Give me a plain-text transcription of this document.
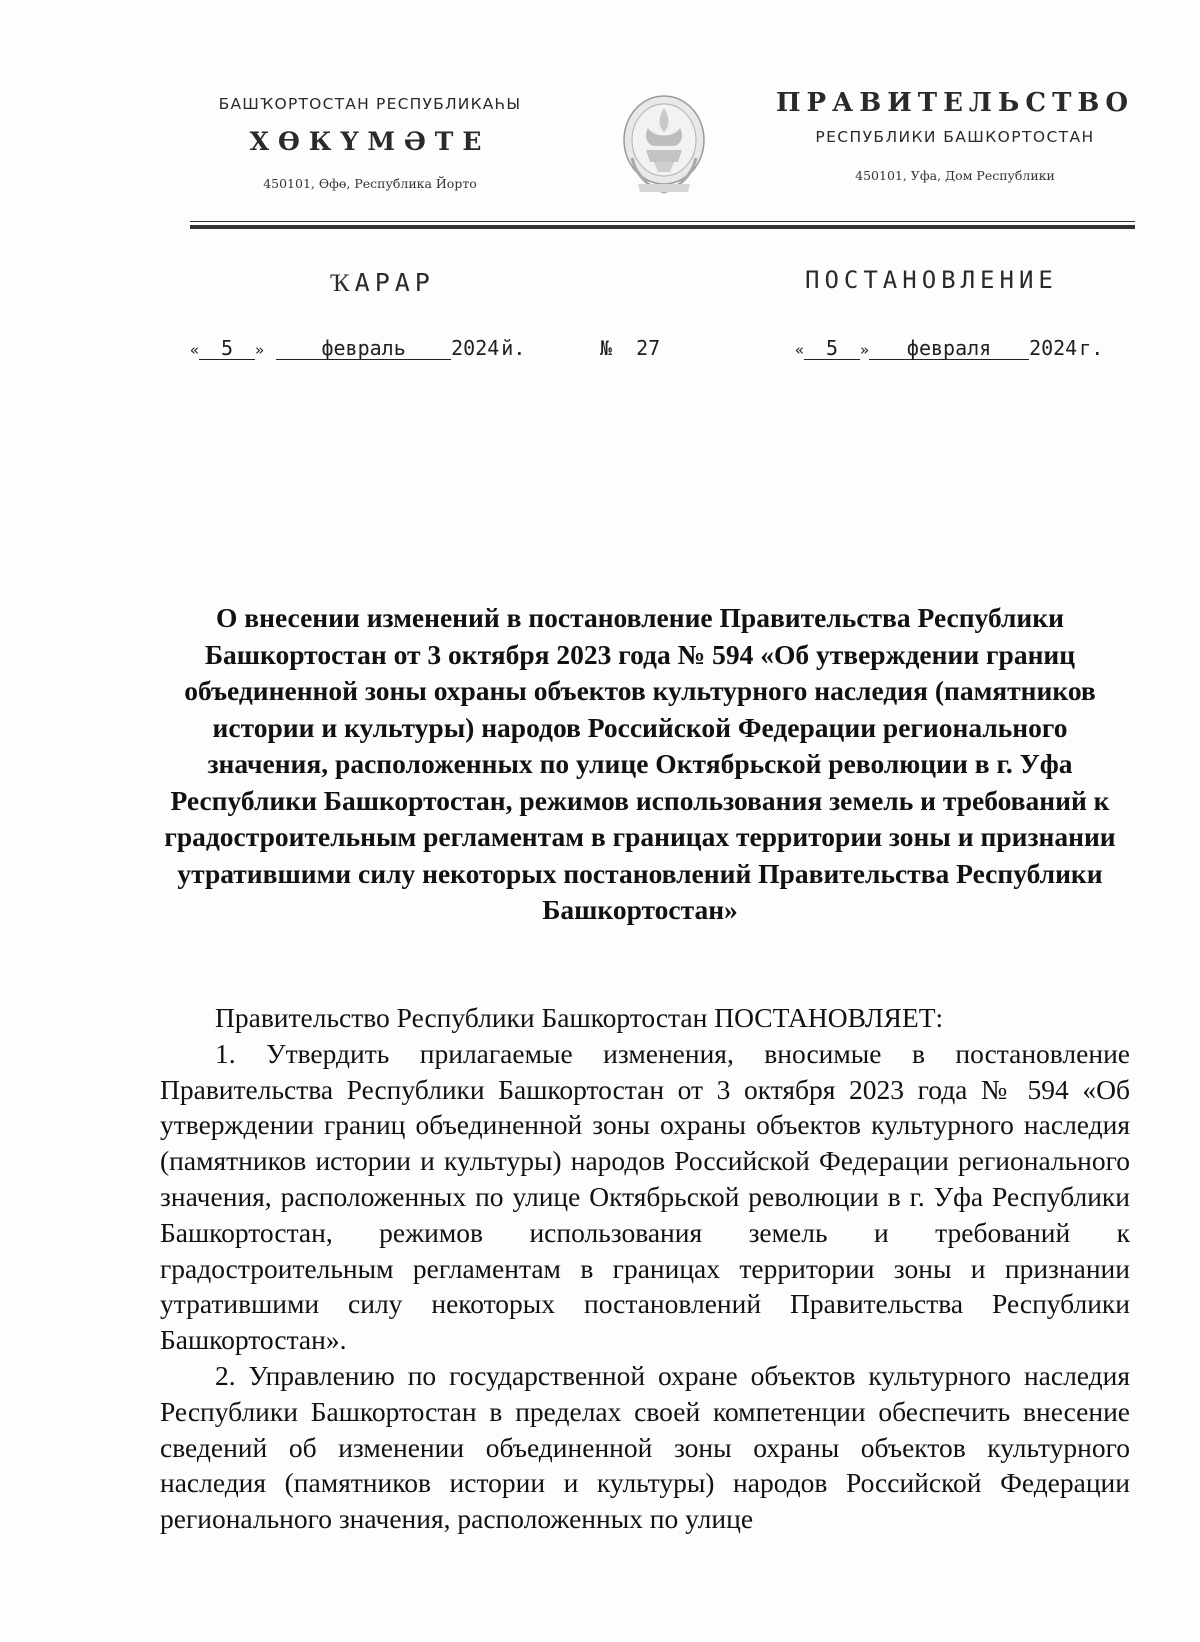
БАШҠОРТОСТАН РЕСПУБЛИКАҺЫ
ХӨКҮМӘТЕ
450101, Өфө, Республика Йорто
ПРАВИТЕЛЬСТВО
РЕСПУБЛИКИ БАШКОРТОСТАН
450101, Уфа, Дом Республики
ҠАРАР	ПОСТАНОВЛЕНИЕ
« 5 »	февраль 2024 й.	№ 27	« 5 » февраля 2024 г.
О внесении изменений в постановление Правительства Республики Башкортостан от 3 октября 2023 года № 594 «Об утверждении границ объединенной зоны охраны объектов культурного наследия (памятников истории и культуры) народов Российской Федерации регионального значения, расположенных по улице Октябрьской революции в г. Уфа Республики Башкортостан, режимов использования земель и требований к градостроительным регламентам в границах территории зоны и признании утратившими силу некоторых постановлений Правительства Республики Башкортостан»

Правительство Республики Башкортостан ПОСТАНОВЛЯЕТ:

1. Утвердить прилагаемые изменения, вносимые в постановление Правительства Республики Башкортостан от 3 октября 2023 года № 594 «Об утверждении границ объединенной зоны охраны объектов культурного наследия (памятников истории и культуры) народов Российской Федерации регионального значения, расположенных по улице Октябрьской революции в г. Уфа Республики Башкортостан, режимов использования земель и требований к градостроительным регламентам в границах территории зоны и признании утратившими силу некоторых постановлений Правительства Республики Башкортостан».

2. Управлению по государственной охране объектов культурного наследия Республики Башкортостан в пределах своей компетенции обеспечить внесение сведений об изменении объединенной зоны охраны объектов культурного наследия (памятников истории и культуры) народов Российской Федерации регионального значения, расположенных по улице
